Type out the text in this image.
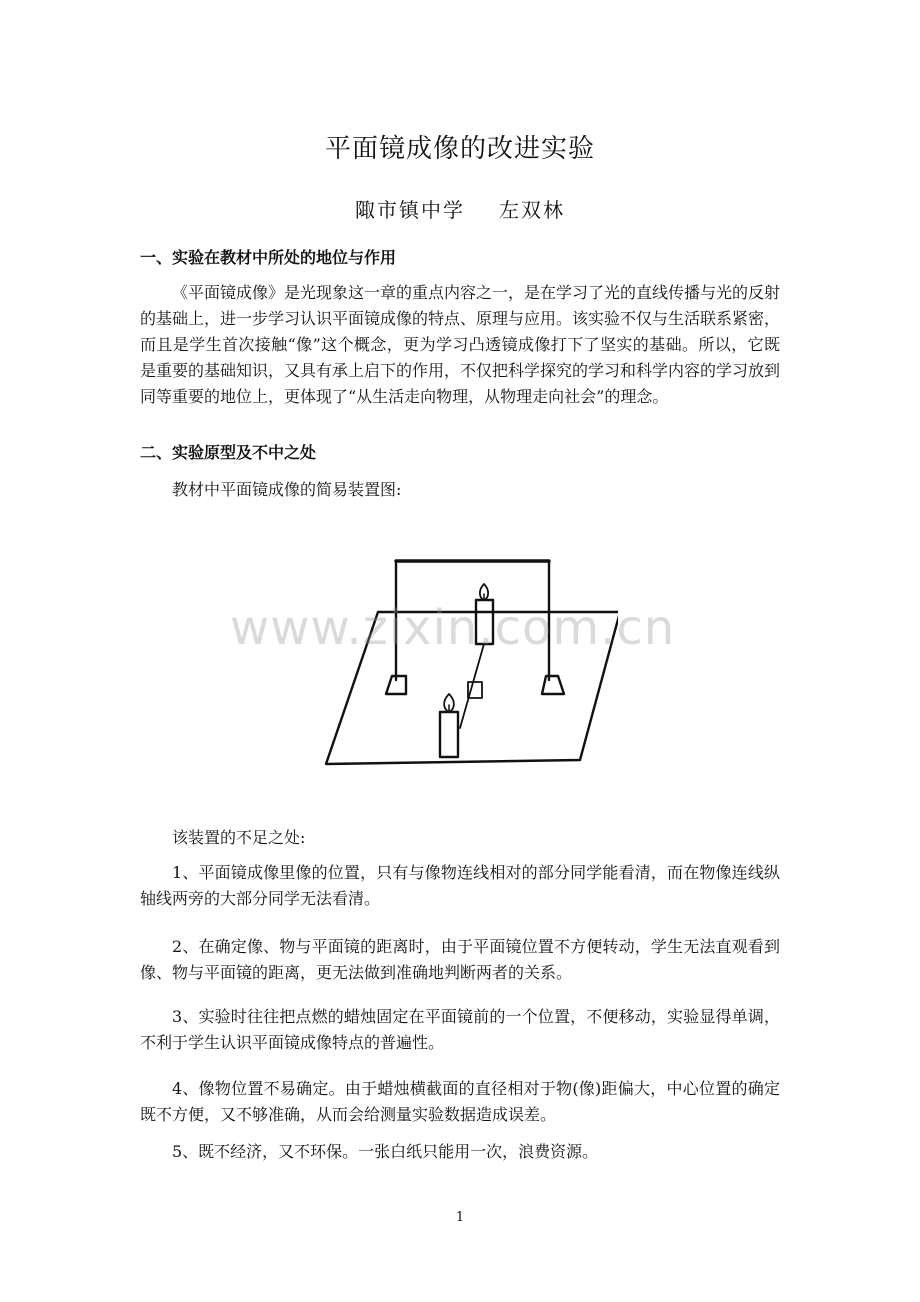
平面镜成像的改进实验
陬市镇中学 左双林
一、实验在教材中所处的地位与作用

《平面镜成像》是光现象这一章的重点内容之一，是在学习了光的直线传播与光的反射的基础上，进一步学习认识平面镜成像的特点、原理与应用。该实验不仅与生活联系紧密，而且是学生首次接触“像”这个概念，更为学习凸透镜成像打下了坚实的基础。所以，它既是重要的基础知识，又具有承上启下的作用，不仅把科学探究的学习和科学内容的学习放到同等重要的地位上，更体现了“从生活走向物理，从物理走向社会”的理念。

二、实验原型及不中之处

教材中平面镜成像的简易装置图:

www.zixin.com.cn

该装置的不足之处:

1、平面镜成像里像的位置，只有与像物连线相对的部分同学能看清，而在物像连线纵轴线两旁的大部分同学无法看清。

2、在确定像、物与平面镜的距离时，由于平面镜位置不方便转动，学生无法直观看到像、物与平面镜的距离，更无法做到准确地判断两者的关系。

3、实验时往往把点燃的蜡烛固定在平面镜前的一个位置，不便移动，实验显得单调，不利于学生认识平面镜成像特点的普遍性。

4、像物位置不易确定。由于蜡烛横截面的直径相对于物(像)距偏大，中心位置的确定既不方便，又不够准确，从而会给测量实验数据造成误差。

5、既不经济，又不环保。一张白纸只能用一次，浪费资源。

1
